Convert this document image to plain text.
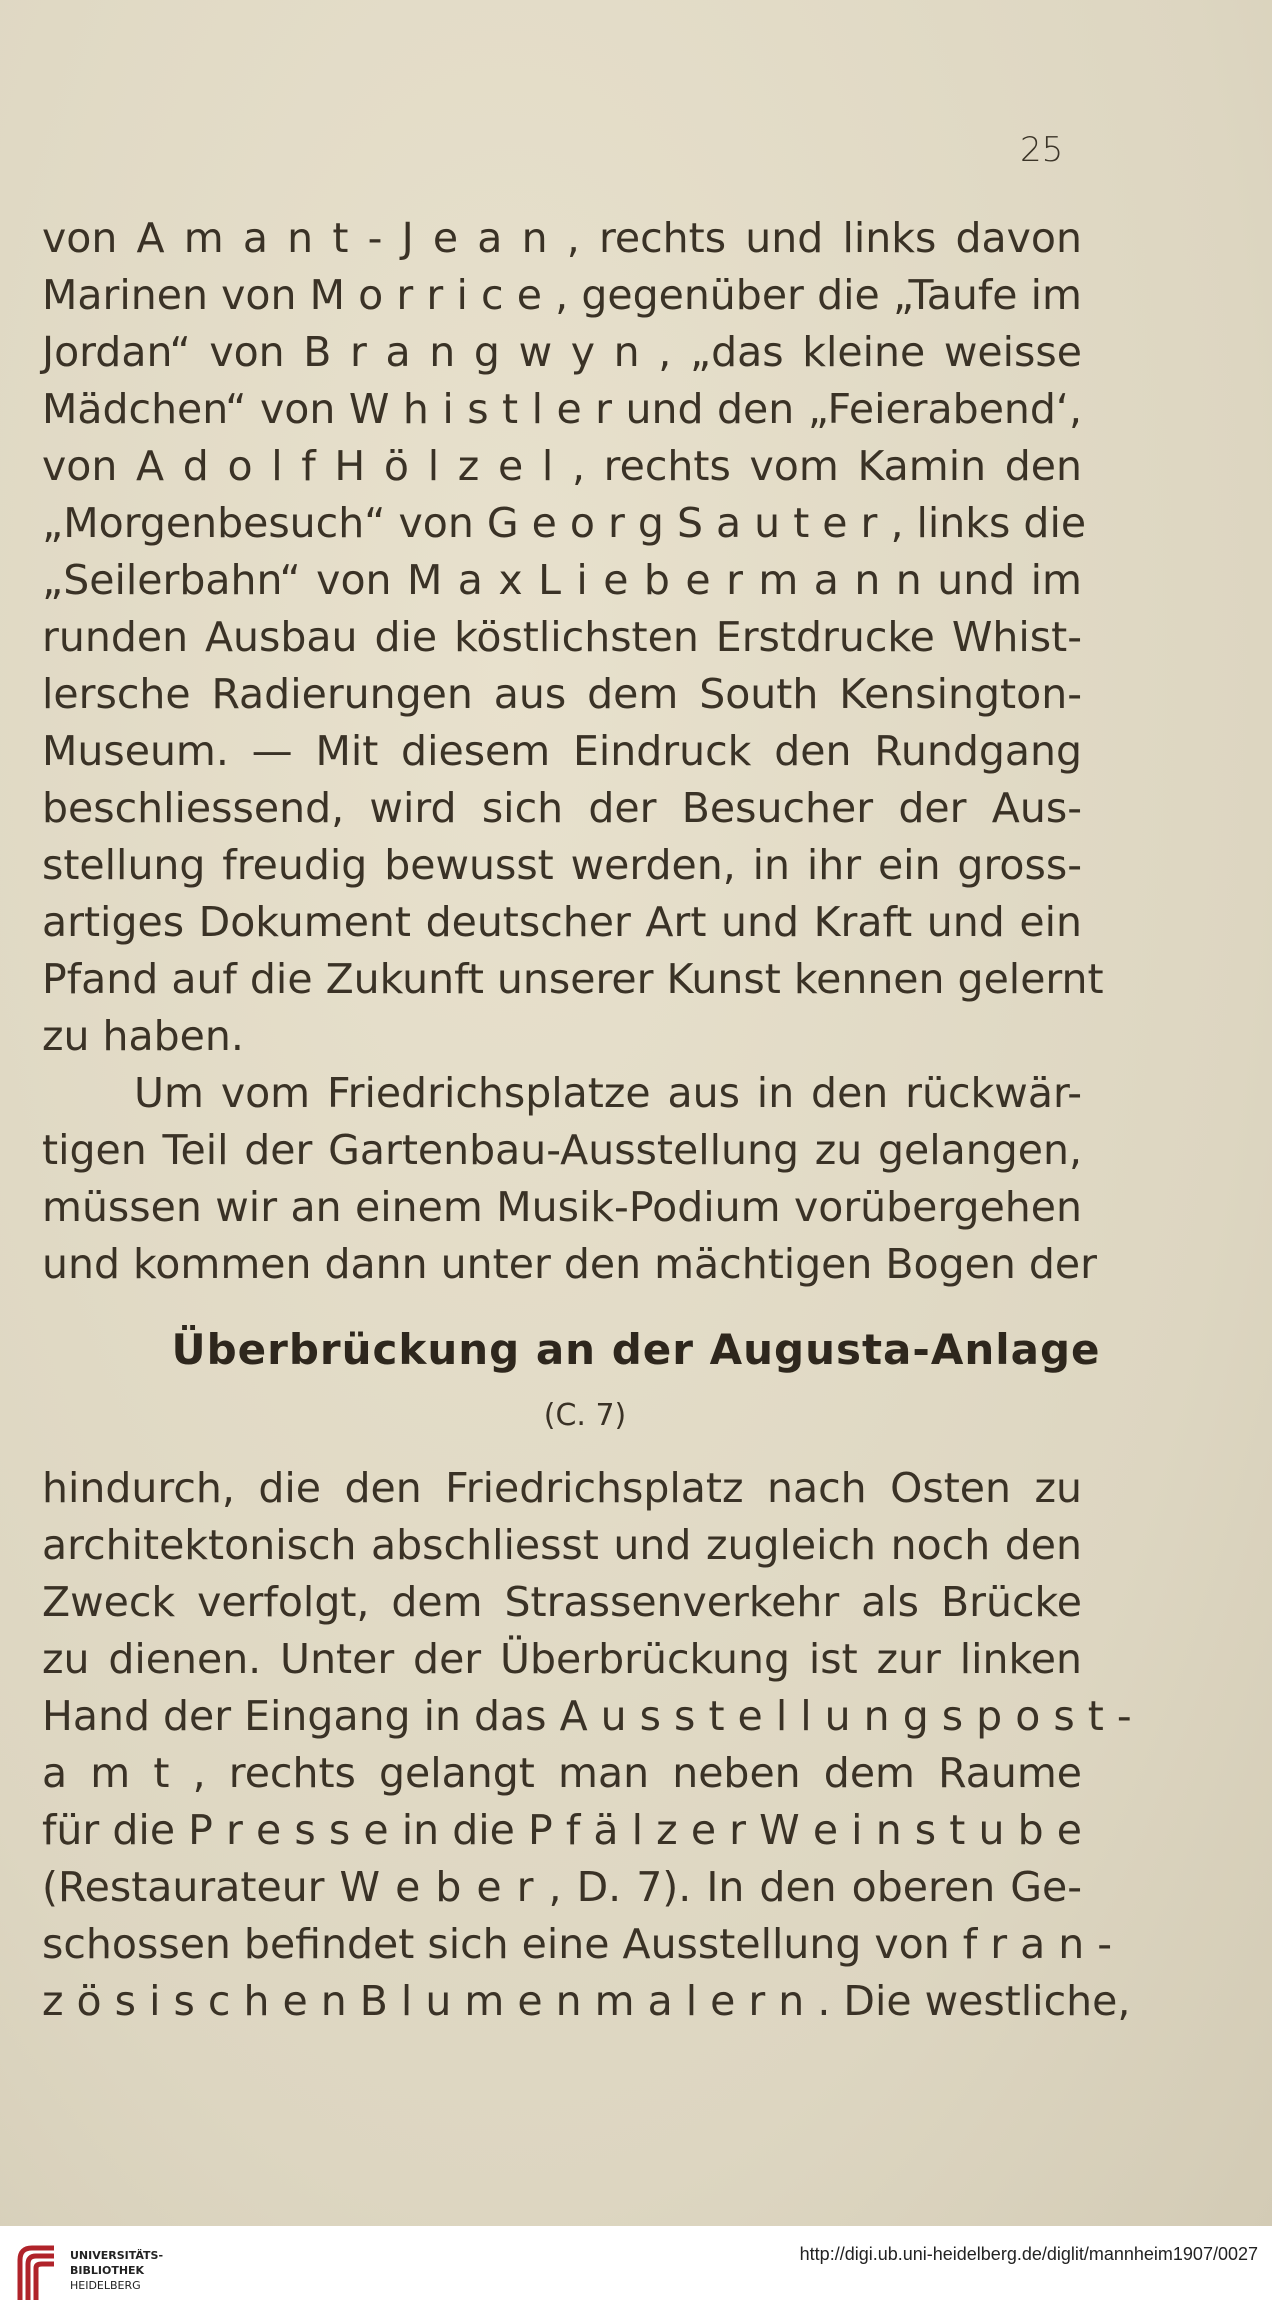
25
von A m a n t - J e a n , rechts und links davon
Marinen von M o r r i c e , gegenüber die „Taufe im
Jordan“ von B r a n g w y n , „das kleine weisse
Mädchen“ von W h i s t l e r und den „Feierabend‘,
von A d o l f H ö l z e l , rechts vom Kamin den
„Morgenbesuch“ von G e o r g S a u t e r , links die
„Seilerbahn“ von M a x L i e b e r m a n n und im
runden Ausbau die köstlichsten Erstdrucke Whist-
lersche Radierungen aus dem South Kensington-
Museum. — Mit diesem Eindruck den Rundgang
beschliessend, wird sich der Besucher der Aus-
stellung freudig bewusst werden, in ihr ein gross-
artiges Dokument deutscher Art und Kraft und ein
Pfand auf die Zukunft unserer Kunst kennen gelernt
zu haben.
Um vom Friedrichsplatze aus in den rückwär-
tigen Teil der Gartenbau-Ausstellung zu gelangen,
müssen wir an einem Musik-Podium vorübergehen
und kommen dann unter den mächtigen Bogen der
Überbrückung an der Augusta-Anlage
(C. 7)
hindurch, die den Friedrichsplatz nach Osten zu
architektonisch abschliesst und zugleich noch den
Zweck verfolgt, dem Strassenverkehr als Brücke
zu dienen. Unter der Überbrückung ist zur linken
Hand der Eingang in das A u s s t e l l u n g s p o s t -
a m t , rechts gelangt man neben dem Raume
für die P r e s s e in die P f ä l z e r W e i n s t u b e
(Restaurateur W e b e r , D. 7). In den oberen Ge-
schossen befindet sich eine Ausstellung von f r a n -
z ö s i s c h e n B l u m e n m a l e r n . Die westliche,
UNIVERSITÄTS-
BIBLIOTHEK
HEIDELBERG
http://digi.ub.uni-heidelberg.de/diglit/mannheim1907/0027
